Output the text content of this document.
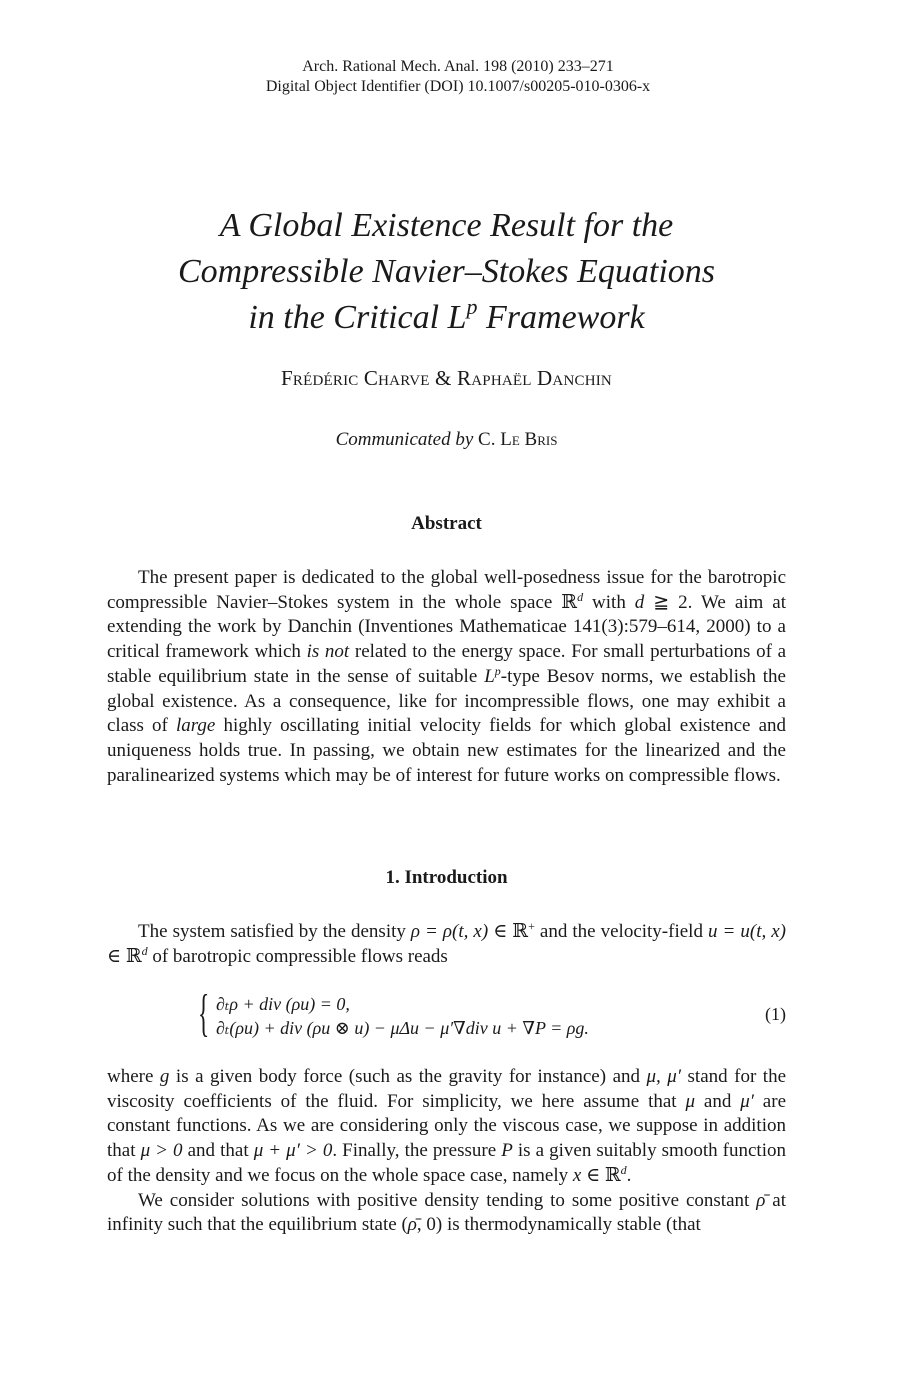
Arch. Rational Mech. Anal. 198 (2010) 233–271
Digital Object Identifier (DOI) 10.1007/s00205-010-0306-x
A Global Existence Result for the
Compressible Navier–Stokes Equations
in the Critical $L^p$ Framework
Frédéric Charve & Raphaël Danchin
Communicated by C. Le Bris
Abstract

The present paper is dedicated to the global well-posedness issue for the barotropic compressible Navier–Stokes system in the whole space ℝ$^d$ with d ≧ 2. We aim at extending the work by Danchin (Inventiones Mathematicae 141(3):579–614, 2000) to a critical framework which is not related to the energy space. For small perturbations of a stable equilibrium state in the sense of suitable $L^p$-type Besov norms, we establish the global existence. As a consequence, like for incompressible flows, one may exhibit a class of large highly oscillating initial velocity fields for which global existence and uniqueness holds true. In passing, we obtain new estimates for the linearized and the paralinearized systems which may be of interest for future works on compressible flows.

1. Introduction

The system satisfied by the density ρ = ρ(t, x) ∈ ℝ+ and the velocity-field u = u(t, x) ∈ ℝ$^d$ of barotropic compressible flows reads

{ ∂ₜρ + div (ρu) = 0,
∂ₜ(ρu) + div (ρu ⊗ u) − μΔu − μ′∇div u + ∇P = ρg.
(1)

where g is a given body force (such as the gravity for instance) and μ, μ′ stand for the viscosity coefficients of the fluid. For simplicity, we here assume that μ and μ′ are constant functions. As we are considering only the viscous case, we suppose in addition that μ > 0 and that μ + μ′ > 0. Finally, the pressure P is a given suitably smooth function of the density and we focus on the whole space case, namely x ∈ ℝ$^d$.

We consider solutions with positive density tending to some positive constant ρ̄ at infinity such that the equilibrium state (ρ̄, 0) is thermodynamically stable (that
